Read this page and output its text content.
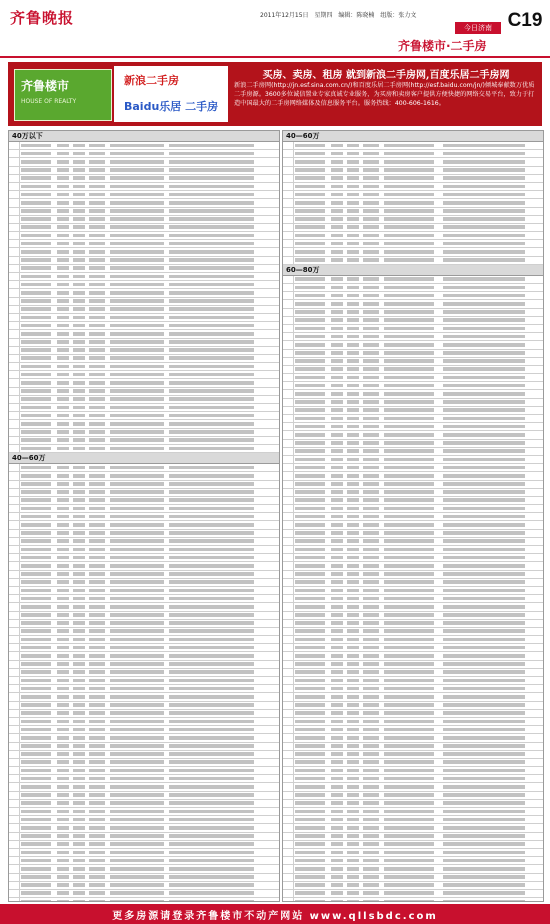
齐鲁晚报	2011年12月15日 星期四 编辑：陈晓楠 组版：张力文
今日济南 C19
齐鲁楼市·二手房
齐鲁楼市
HOUSE OF REALTY
新浪二手房
Baidu乐居 二手房
买房、卖房、租房 就到新浪二手房网,百度乐居二手房网
新浪二手房网(http://jn.esf.sina.com.cn/)和百度乐居二手房网(http://esf.baidu.com/jn/)倾城奉献数万优质二手房源。3600多位诚信置业专家真诚专业服务，为买房和卖房客户提供方便快捷的网络交易平台，致力于打造中国最大的二手房网络媒体及信息服务平台。服务热线：400-606-1616。
40万以下
40—60万
40—60万
60—80万
更多房源请登录齐鲁楼市不动产网站 www.qllsbdc.com
